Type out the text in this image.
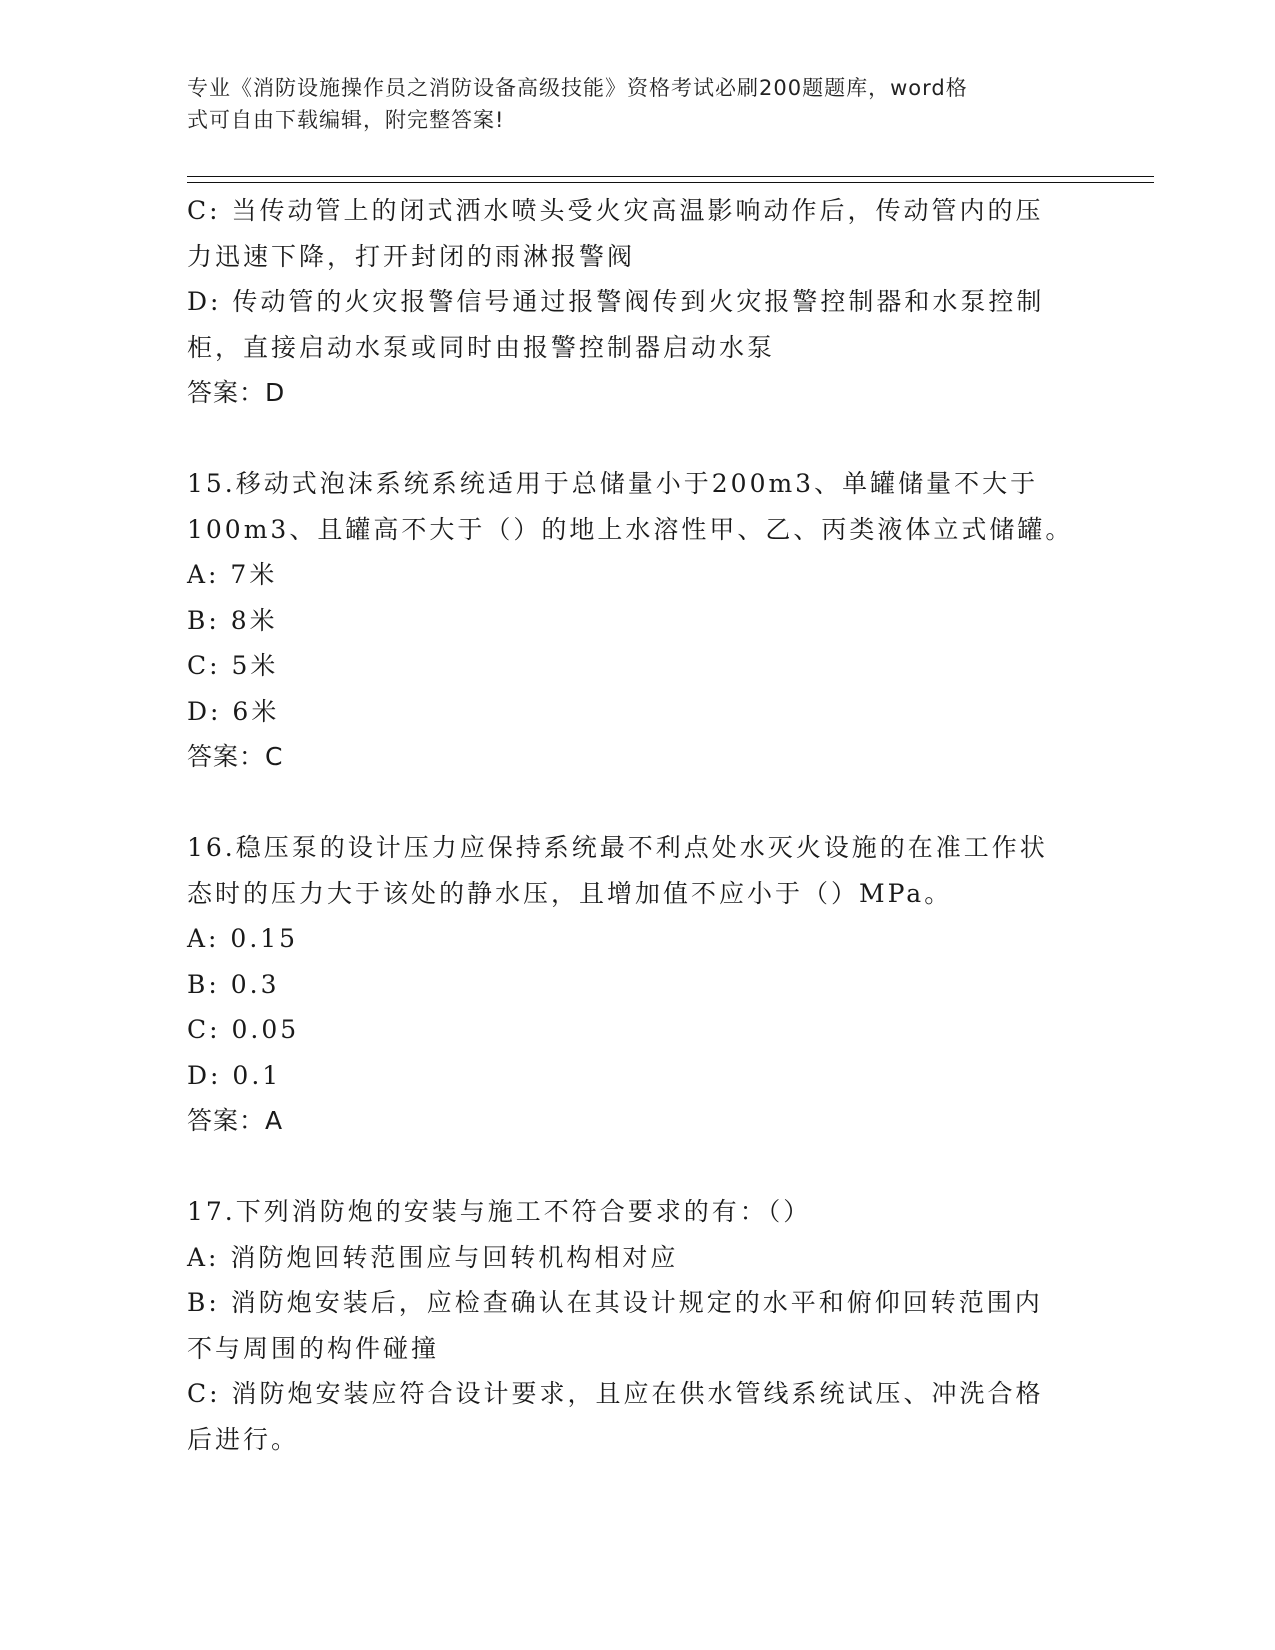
专业《消防设施操作员之消防设备高级技能》资格考试必刷200题题库，word格
式可自由下载编辑，附完整答案!
C: 当传动管上的闭式洒水喷头受火灾高温影响动作后，传动管内的压
力迅速下降，打开封闭的雨淋报警阀
D: 传动管的火灾报警信号通过报警阀传到火灾报警控制器和水泵控制
柜，直接启动水泵或同时由报警控制器启动水泵
答案：D
15.移动式泡沫系统系统适用于总储量小于200m3、单罐储量不大于
100m3、且罐高不大于（）的地上水溶性甲、乙、丙类液体立式储罐。
A: 7米
B: 8米
C: 5米
D: 6米
答案：C
16.稳压泵的设计压力应保持系统最不利点处水灭火设施的在准工作状
态时的压力大于该处的静水压，且增加值不应小于（）MPa。
A: 0.15
B: 0.3
C: 0.05
D: 0.1
答案：A
17.下列消防炮的安装与施工不符合要求的有：（）
A: 消防炮回转范围应与回转机构相对应
B: 消防炮安装后，应检查确认在其设计规定的水平和俯仰回转范围内
不与周围的构件碰撞
C: 消防炮安装应符合设计要求，且应在供水管线系统试压、冲洗合格
后进行。
